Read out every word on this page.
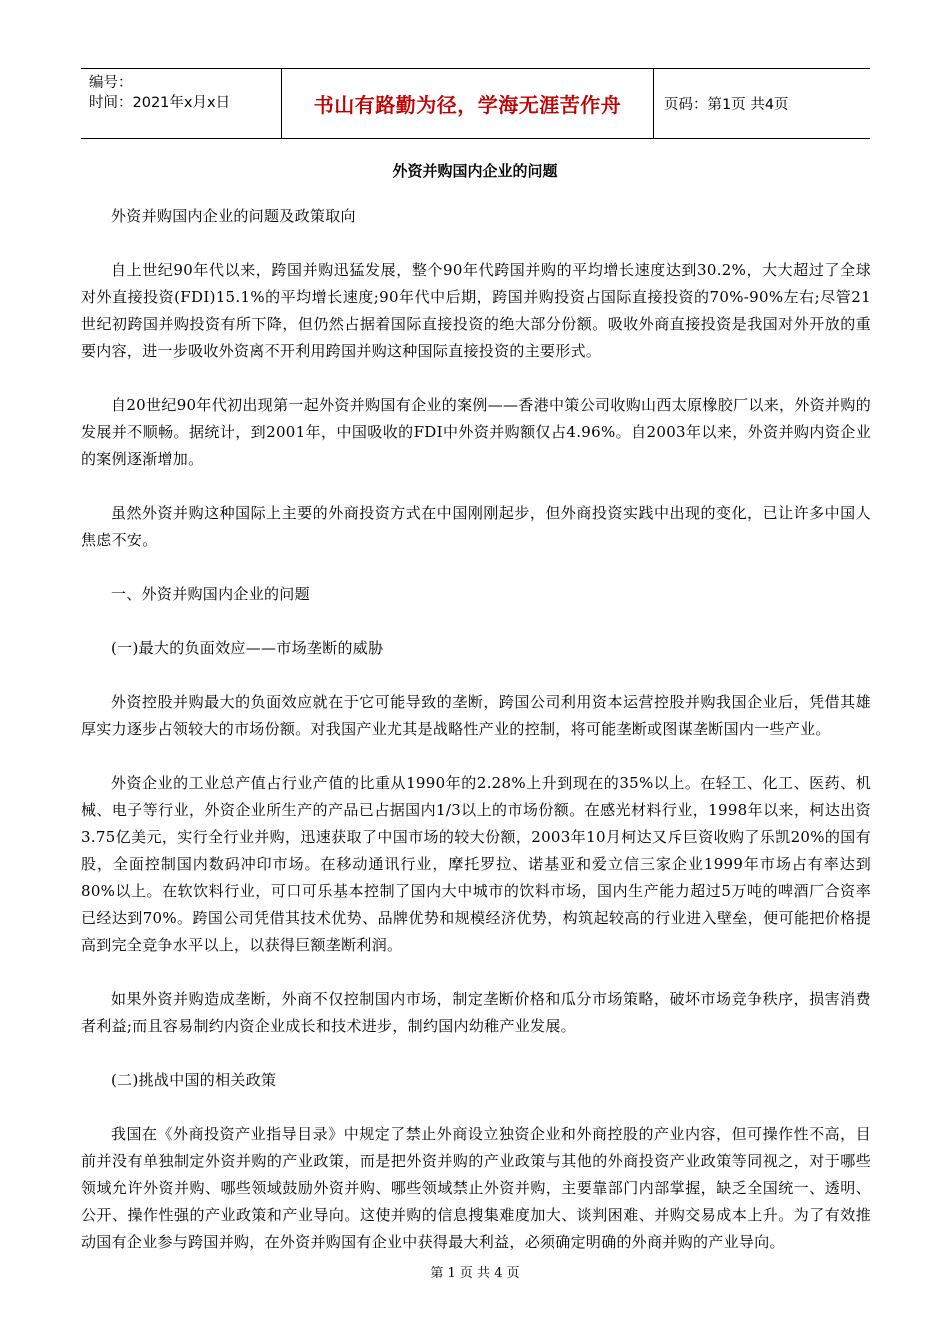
编号：
时间：2021年x月x日	书山有路勤为径，学海无涯苦作舟	页码：第1页 共4页
外资并购国内企业的问题

外资并购国内企业的问题及政策取向

自上世纪90年代以来，跨国并购迅猛发展，整个90年代跨国并购的平均增长速度达到30.2%，大大超过了全球对外直接投资(FDI)15.1%的平均增长速度;90年代中后期，跨国并购投资占国际直接投资的70%-90%左右;尽管21世纪初跨国并购投资有所下降，但仍然占据着国际直接投资的绝大部分份额。吸收外商直接投资是我国对外开放的重要内容，进一步吸收外资离不开利用跨国并购这种国际直接投资的主要形式。

自20世纪90年代初出现第一起外资并购国有企业的案例——香港中策公司收购山西太原橡胶厂以来，外资并购的发展并不顺畅。据统计，到2001年，中国吸收的FDI中外资并购额仅占4.96%。自2003年以来，外资并购内资企业的案例逐渐增加。

虽然外资并购这种国际上主要的外商投资方式在中国刚刚起步，但外商投资实践中出现的变化，已让许多中国人焦虑不安。

一、外资并购国内企业的问题

(一)最大的负面效应——市场垄断的威胁

外资控股并购最大的负面效应就在于它可能导致的垄断，跨国公司利用资本运营控股并购我国企业后，凭借其雄厚实力逐步占领较大的市场份额。对我国产业尤其是战略性产业的控制，将可能垄断或图谋垄断国内一些产业。

外资企业的工业总产值占行业产值的比重从1990年的2.28%上升到现在的35%以上。在轻工、化工、医药、机械、电子等行业，外资企业所生产的产品已占据国内1/3以上的市场份额。在感光材料行业，1998年以来，柯达出资3.75亿美元，实行全行业并购，迅速获取了中国市场的较大份额，2003年10月柯达又斥巨资收购了乐凯20%的国有股，全面控制国内数码冲印市场。在移动通讯行业，摩托罗拉、诺基亚和爱立信三家企业1999年市场占有率达到80%以上。在软饮料行业，可口可乐基本控制了国内大中城市的饮料市场，国内生产能力超过5万吨的啤酒厂合资率已经达到70%。跨国公司凭借其技术优势、品牌优势和规模经济优势，构筑起较高的行业进入壁垒，便可能把价格提高到完全竞争水平以上，以获得巨额垄断利润。

如果外资并购造成垄断，外商不仅控制国内市场，制定垄断价格和瓜分市场策略，破坏市场竞争秩序，损害消费者利益;而且容易制约内资企业成长和技术进步，制约国内幼稚产业发展。

(二)挑战中国的相关政策

我国在《外商投资产业指导目录》中规定了禁止外商设立独资企业和外商控股的产业内容，但可操作性不高，目前并没有单独制定外资并购的产业政策，而是把外资并购的产业政策与其他的外商投资产业政策等同视之，对于哪些领域允许外资并购、哪些领域鼓励外资并购、哪些领域禁止外资并购，主要靠部门内部掌握，缺乏全国统一、透明、公开、操作性强的产业政策和产业导向。这使并购的信息搜集难度加大、谈判困难、并购交易成本上升。为了有效推动国有企业参与跨国并购，在外资并购国有企业中获得最大利益，必须确定明确的外商并购的产业导向。

第 1 页 共 4 页
